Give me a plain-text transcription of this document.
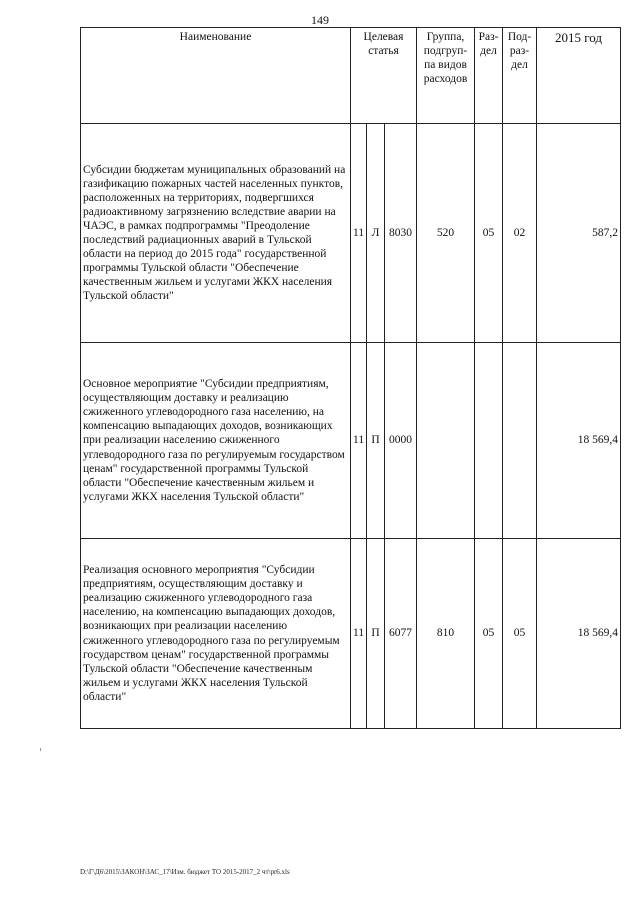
149
Наименование	Целевая статья			Группа, подгруп-па видов расходов	Раз-дел	Под-раз-дел	2015 год
Субсидии бюджетам муниципальных образований на газификацию пожарных частей населенных пунктов, расположенных на территориях, подвергшихся радиоактивному загрязнению вследствие аварии на ЧАЭС, в рамках подпрограммы "Преодоление последствий радиационных аварий в Тульской области на период до 2015 года" государственной программы Тульской области "Обеспечение качественным жильем и услугами ЖКХ населения Тульской области"	11	Л	8030	520	05	02	587,2
Основное мероприятие "Субсидии предприятиям, осуществляющим доставку и реализацию сжиженного углеводородного газа населению, на компенсацию выпадающих доходов, возникающих при реализации населению сжиженного углеводородного газа по регулируемым государством ценам" государственной программы Тульской области "Обеспечение качественным жильем и услугами ЖКХ населения Тульской области"	11	П	0000				18 569,4
Реализация основного мероприятия "Субсидии предприятиям, осуществляющим доставку и реализацию сжиженного углеводородного газа населению, на компенсацию выпадающих доходов, возникающих при реализации населению сжиженного углеводородного газа по регулируемым государством ценам" государственной программы Тульской области "Обеспечение качественным жильем и услугами ЖКХ населения Тульской области"	11	П	6077	810	05	05	18 569,4
D:\Г\Д6\2015\ЗАКОН\ЗАС_17\Изм. бюджет ТО 2015-2017_2 чт\pr6.xls
